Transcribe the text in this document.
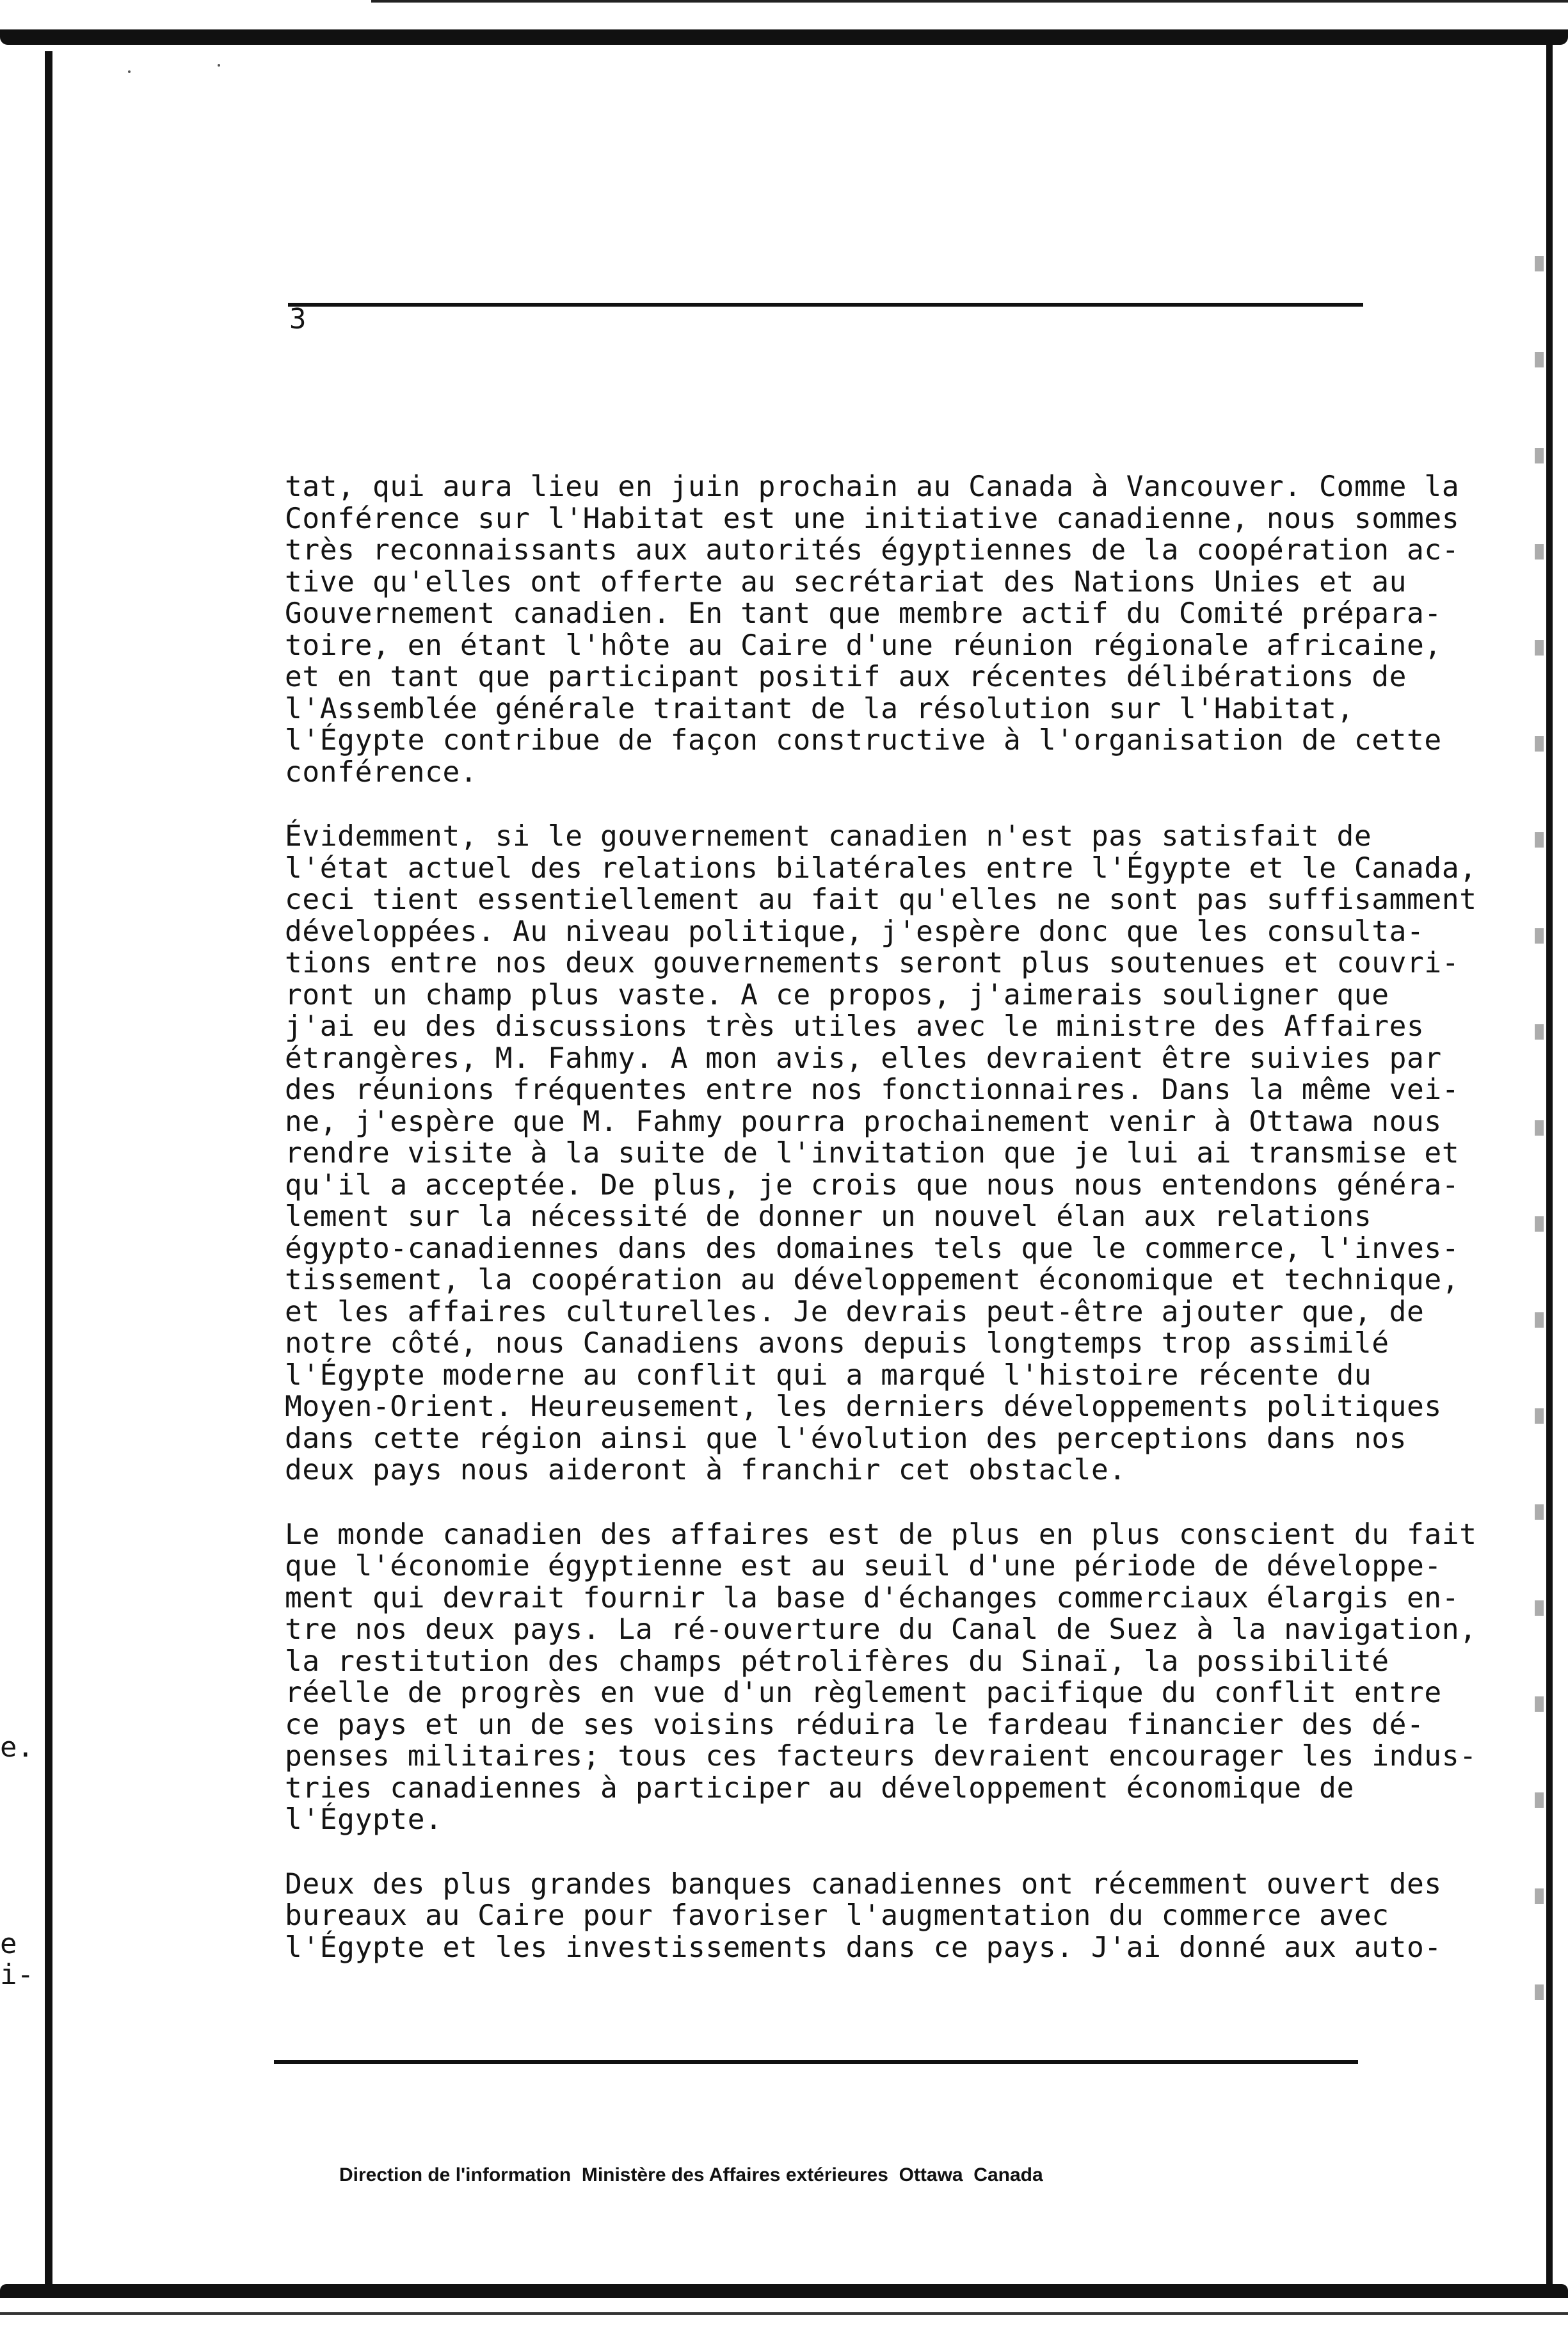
3
tat, qui aura lieu en juin prochain au Canada à Vancouver. Comme la
Conférence sur l'Habitat est une initiative canadienne, nous sommes
très reconnaissants aux autorités égyptiennes de la coopération ac-
tive qu'elles ont offerte au secrétariat des Nations Unies et au
Gouvernement canadien. En tant que membre actif du Comité prépara-
toire, en étant l'hôte au Caire d'une réunion régionale africaine,
et en tant que participant positif aux récentes délibérations de
l'Assemblée générale traitant de la résolution sur l'Habitat,
l'Égypte contribue de façon constructive à l'organisation de cette
conférence.
Évidemment, si le gouvernement canadien n'est pas satisfait de
l'état actuel des relations bilatérales entre l'Égypte et le Canada,
ceci tient essentiellement au fait qu'elles ne sont pas suffisamment
développées. Au niveau politique, j'espère donc que les consulta-
tions entre nos deux gouvernements seront plus soutenues et couvri-
ront un champ plus vaste. A ce propos, j'aimerais souligner que
j'ai eu des discussions très utiles avec le ministre des Affaires
étrangères, M. Fahmy. A mon avis, elles devraient être suivies par
des réunions fréquentes entre nos fonctionnaires. Dans la même vei-
ne, j'espère que M. Fahmy pourra prochainement venir à Ottawa nous
rendre visite à la suite de l'invitation que je lui ai transmise et
qu'il a acceptée. De plus, je crois que nous nous entendons généra-
lement sur la nécessité de donner un nouvel élan aux relations
égypto-canadiennes dans des domaines tels que le commerce, l'inves-
tissement, la coopération au développement économique et technique,
et les affaires culturelles. Je devrais peut-être ajouter que, de
notre côté, nous Canadiens avons depuis longtemps trop assimilé
l'Égypte moderne au conflit qui a marqué l'histoire récente du
Moyen-Orient. Heureusement, les derniers développements politiques
dans cette région ainsi que l'évolution des perceptions dans nos
deux pays nous aideront à franchir cet obstacle.
Le monde canadien des affaires est de plus en plus conscient du fait
que l'économie égyptienne est au seuil d'une période de développe-
ment qui devrait fournir la base d'échanges commerciaux élargis en-
tre nos deux pays. La ré-ouverture du Canal de Suez à la navigation,
la restitution des champs pétrolifères du Sinaï, la possibilité
réelle de progrès en vue d'un règlement pacifique du conflit entre
ce pays et un de ses voisins réduira le fardeau financier des dé-
penses militaires; tous ces facteurs devraient encourager les indus-
tries canadiennes à participer au développement économique de
l'Égypte.
Deux des plus grandes banques canadiennes ont récemment ouvert des
bureaux au Caire pour favoriser l'augmentation du commerce avec
l'Égypte et les investissements dans ce pays. J'ai donné aux auto-
e.
e
i-
Direction de l'information  Ministère des Affaires extérieures  Ottawa  Canada
